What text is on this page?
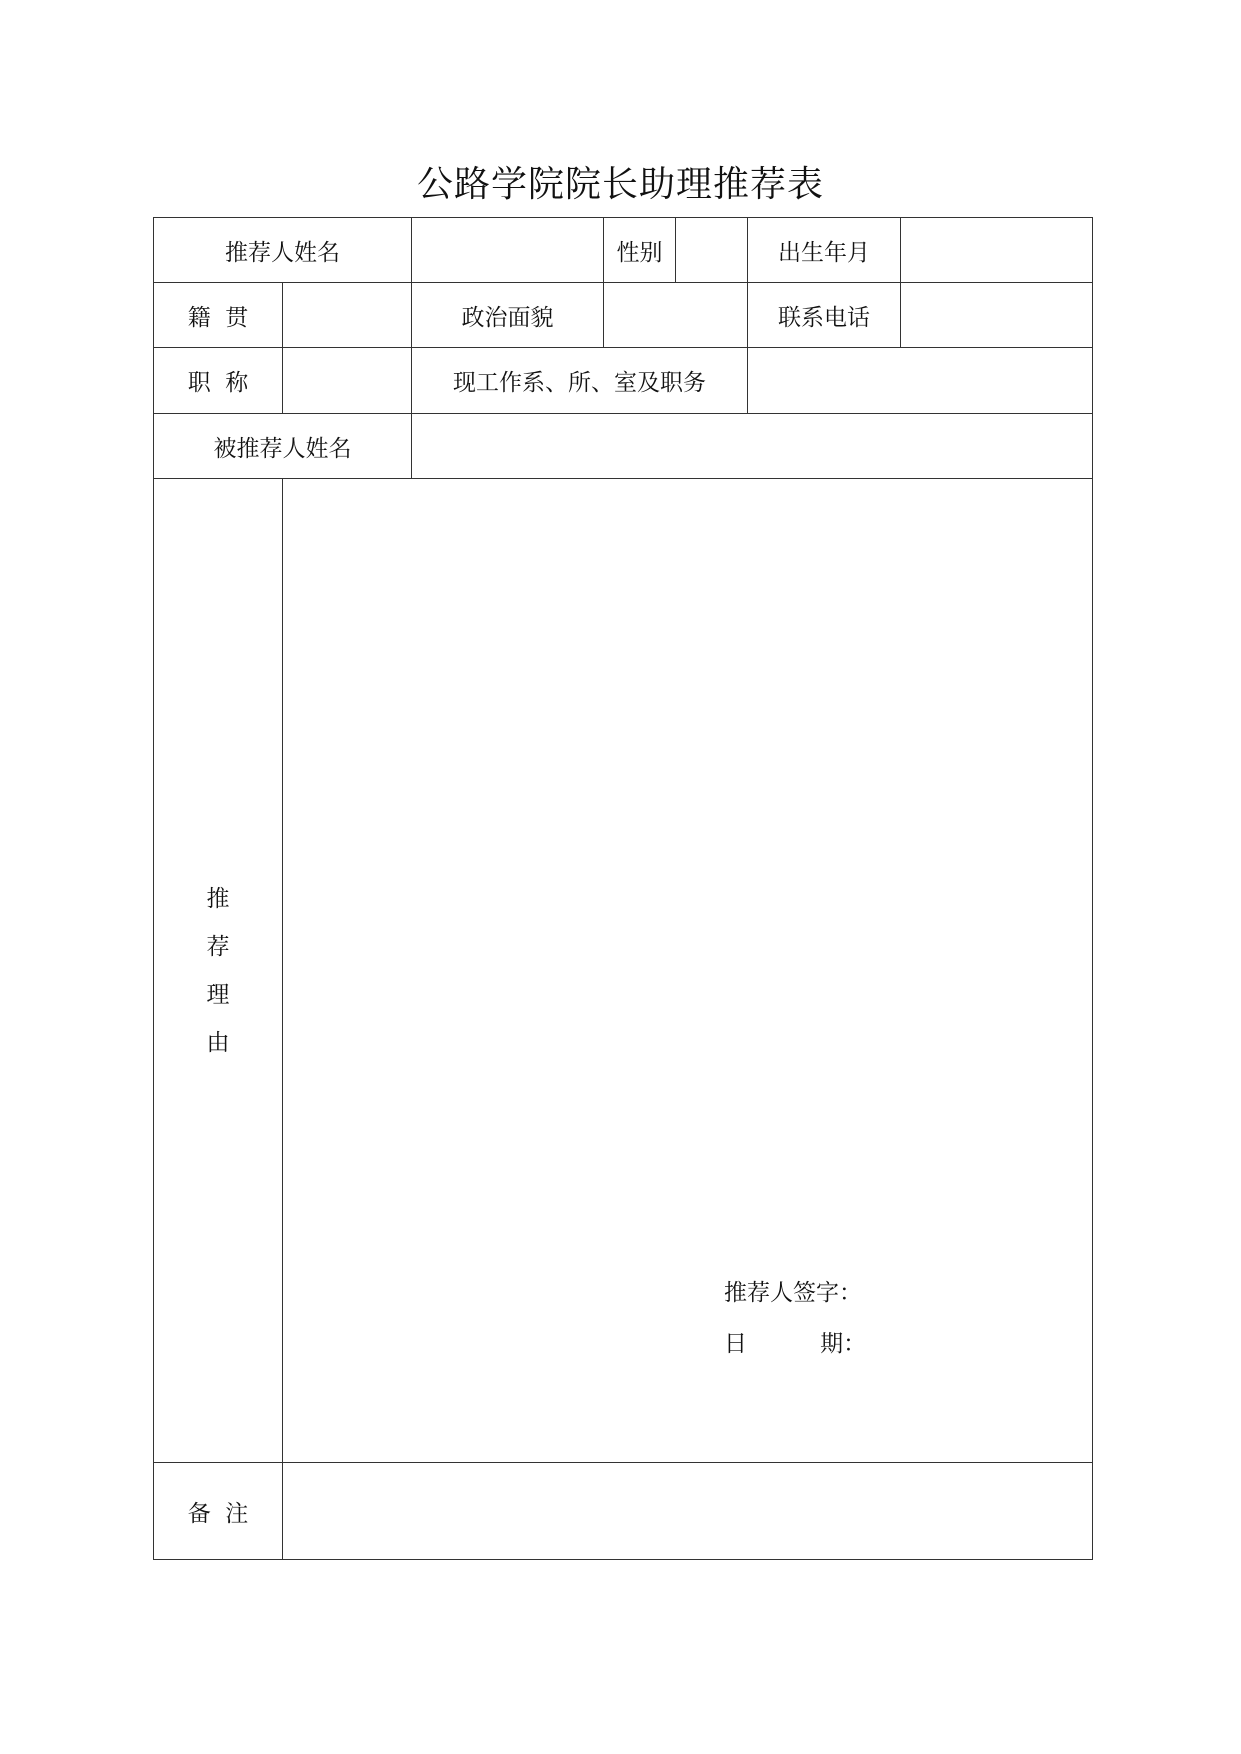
公路学院院长助理推荐表
推荐人姓名	性别	出生年月
籍  贯	政治面貌	联系电话
职  称	现工作系、所、室及职务
被推荐人姓名
推
荐
理
由
推荐人签字：
日          期：
备  注
